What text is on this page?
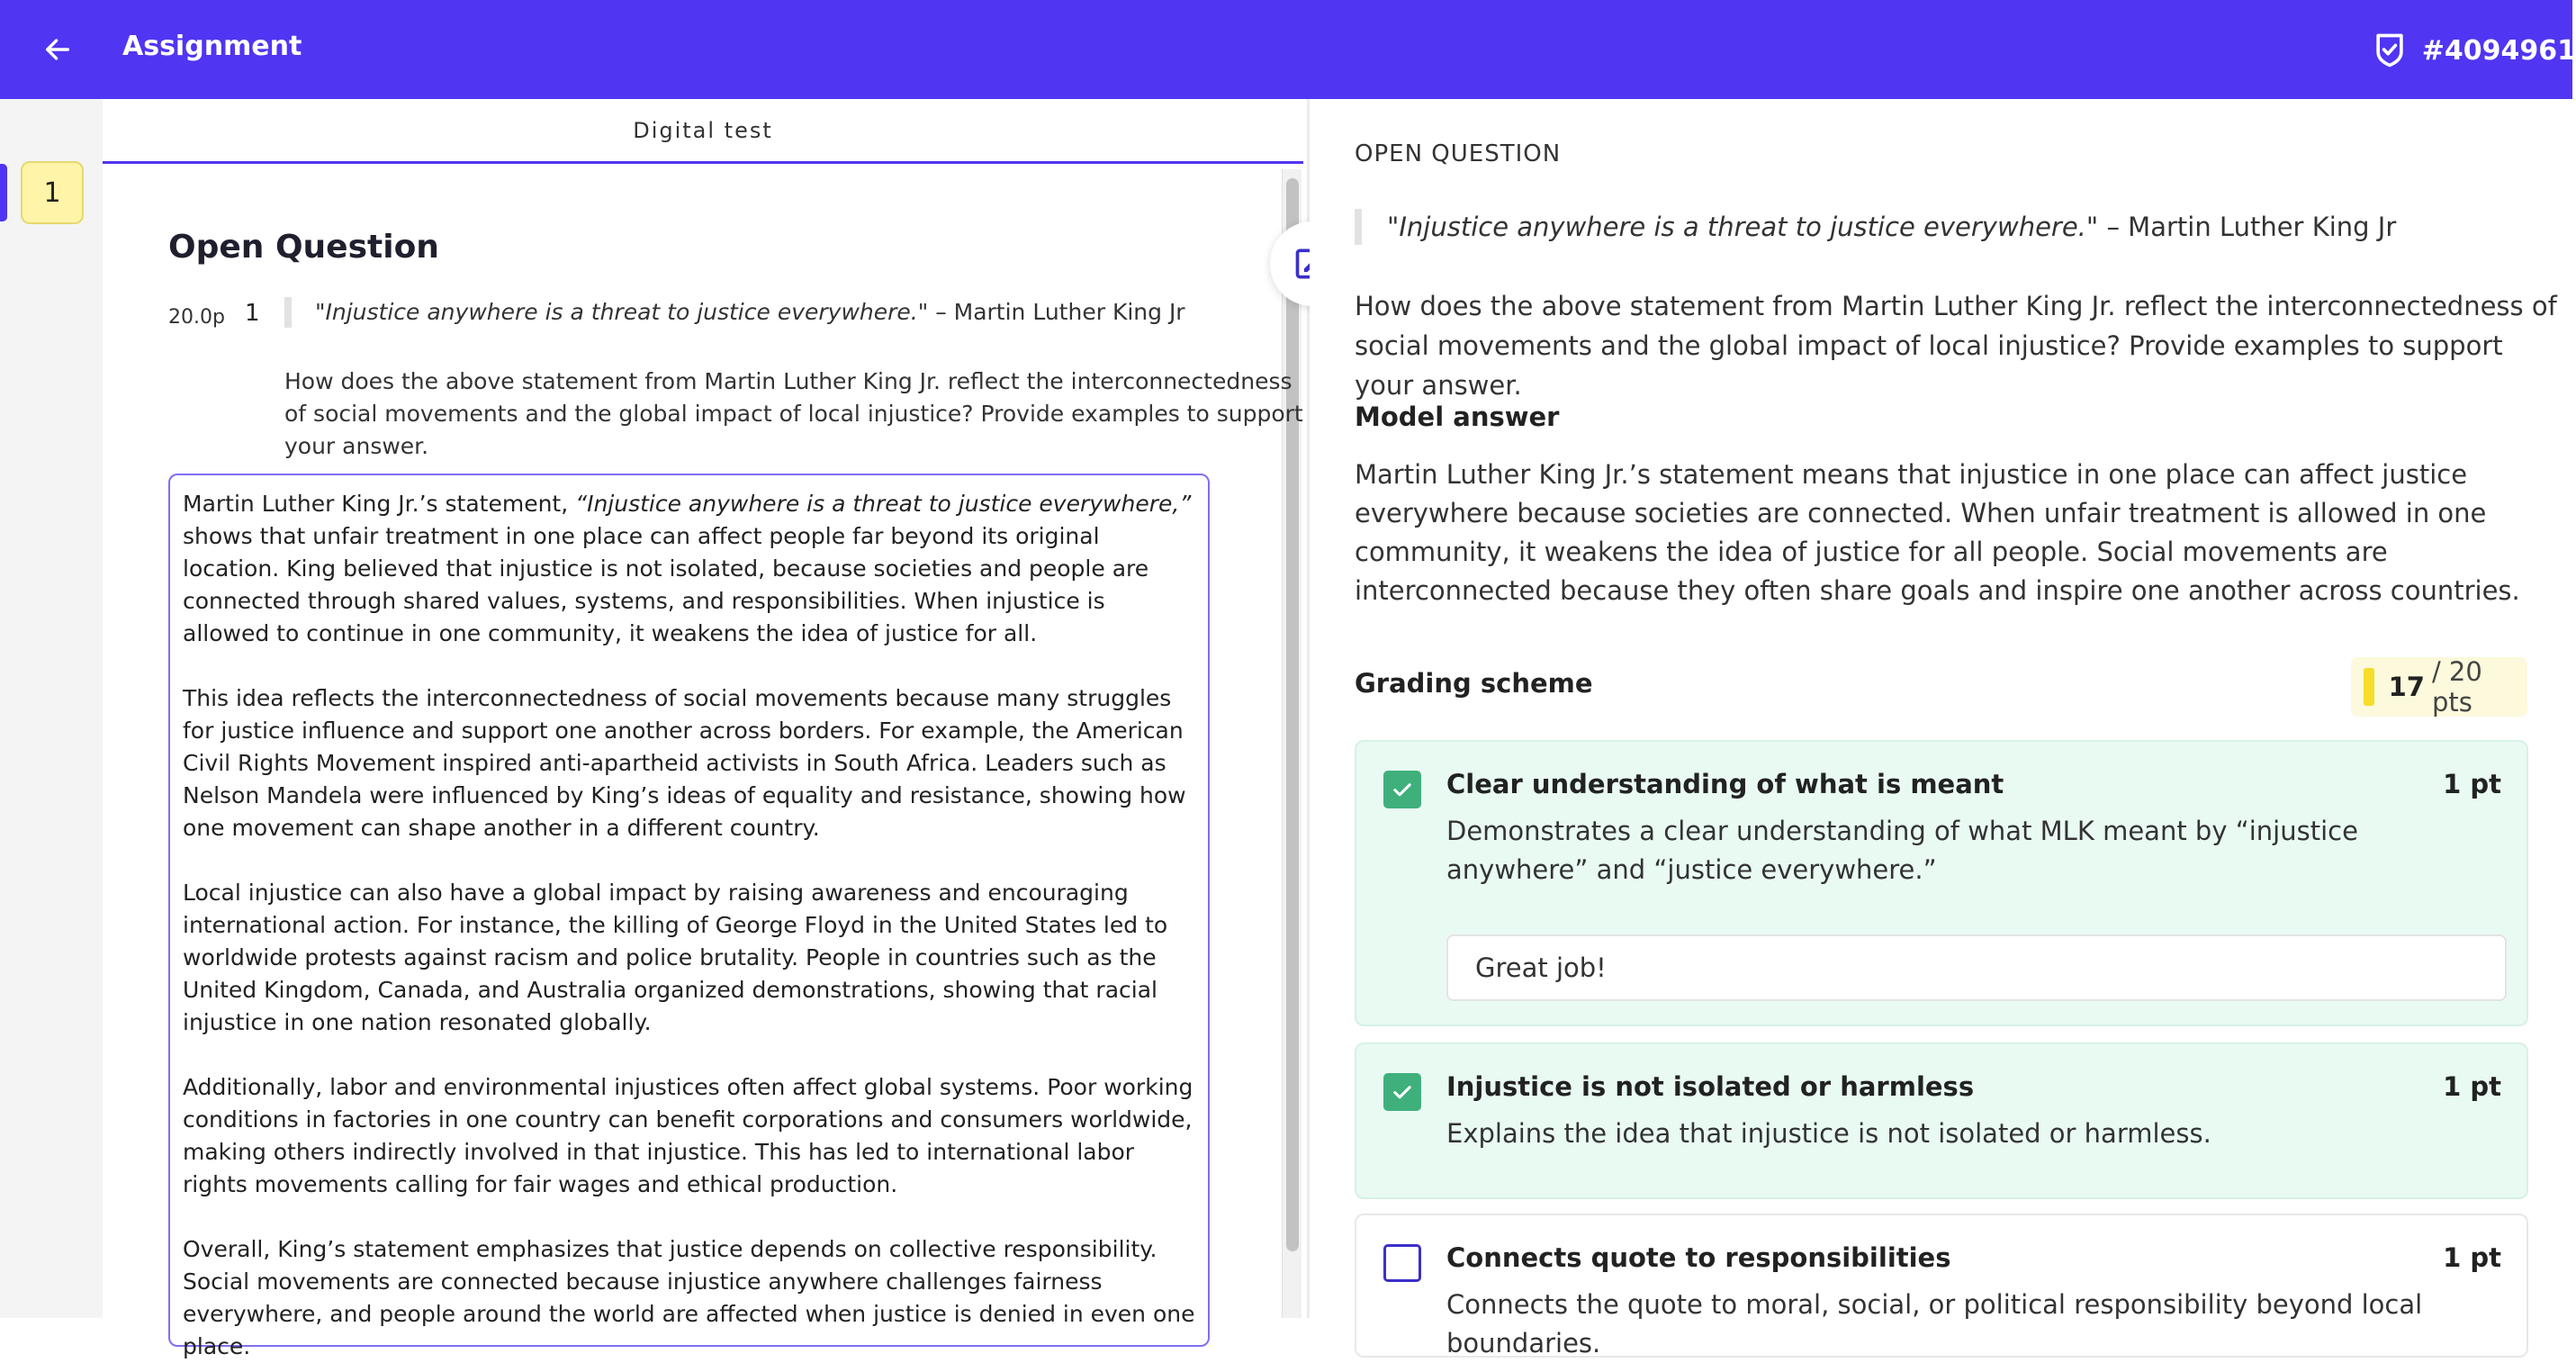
Assignment	#4094961
1
Digital test
Open Question
20.0p 1	"Injustice anywhere is a threat to justice everywhere." – Martin Luther King Jr
How does the above statement from Martin Luther King Jr. reflect the interconnectedness of social movements and the global impact of local injustice? Provide examples to support your answer.

Martin Luther King Jr.’s statement, “Injustice anywhere is a threat to justice everywhere,” shows that unfair treatment in one place can affect people far beyond its original location. King believed that injustice is not isolated, because societies and people are connected through shared values, systems, and responsibilities. When injustice is allowed to continue in one community, it weakens the idea of justice for all.

This idea reflects the interconnectedness of social movements because many struggles for justice influence and support one another across borders. For example, the American Civil Rights Movement inspired anti-apartheid activists in South Africa. Leaders such as Nelson Mandela were influenced by King’s ideas of equality and resistance, showing how one movement can shape another in a different country.

Local injustice can also have a global impact by raising awareness and encouraging international action. For instance, the killing of George Floyd in the United States led to worldwide protests against racism and police brutality. People in countries such as the United Kingdom, Canada, and Australia organized demonstrations, showing that racial injustice in one nation resonated globally.

Additionally, labor and environmental injustices often affect global systems. Poor working conditions in factories in one country can benefit corporations and consumers worldwide, making others indirectly involved in that injustice. This has led to international labor rights movements calling for fair wages and ethical production.

Overall, King’s statement emphasizes that justice depends on collective responsibility. Social movements are connected because injustice anywhere challenges fairness everywhere, and people around the world are affected when justice is denied in even one place.

OPEN QUESTION
"Injustice anywhere is a threat to justice everywhere." – Martin Luther King Jr
How does the above statement from Martin Luther King Jr. reflect the interconnectedness of social movements and the global impact of local injustice? Provide examples to support your answer.
Model answer
Martin Luther King Jr.’s statement means that injustice in one place can affect justice everywhere because societies are connected. When unfair treatment is allowed in one community, it weakens the idea of justice for all people. Social movements are interconnected because they often share goals and inspire one another across countries.
Grading scheme	17 / 20 pts
Clear understanding of what is meant	1 pt
Demonstrates a clear understanding of what MLK meant by “injustice anywhere” and “justice everywhere.”
Great job!
Injustice is not isolated or harmless	1 pt
Explains the idea that injustice is not isolated or harmless.
Connects quote to responsibilities	1 pt
Connects the quote to moral, social, or political responsibility beyond local boundaries.
